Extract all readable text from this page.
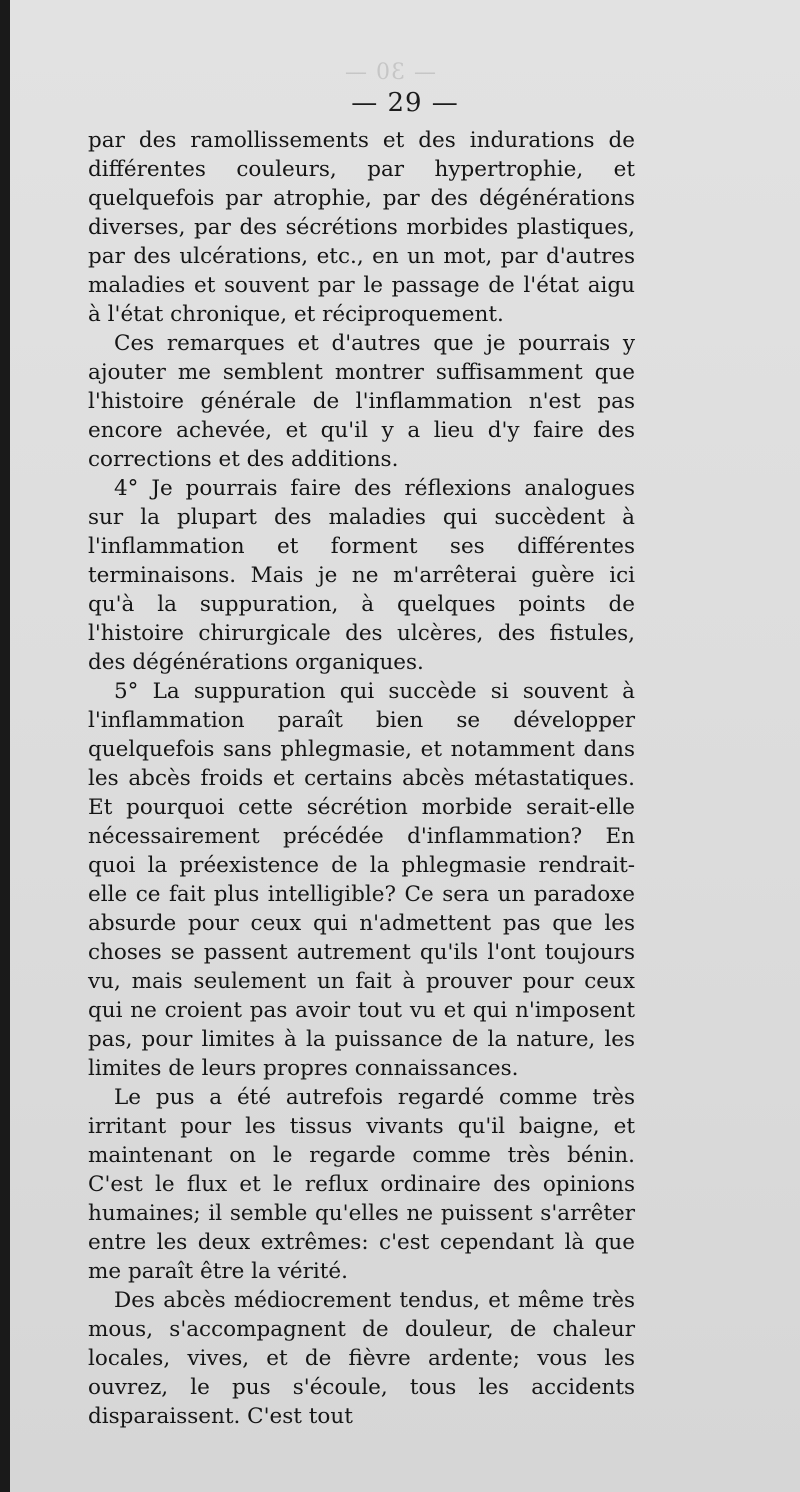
— 30 —
— 29 —

par des ramollissements et des indurations de différentes couleurs, par hypertrophie, et quelquefois par atrophie, par des dégénérations diverses, par des sécrétions morbides plastiques, par des ulcérations, etc., en un mot, par d'autres maladies et souvent par le passage de l'état aigu à l'état chronique, et réciproquement.

Ces remarques et d'autres que je pourrais y ajouter me semblent montrer suffisamment que l'histoire générale de l'inflammation n'est pas encore achevée, et qu'il y a lieu d'y faire des corrections et des additions.

4° Je pourrais faire des réflexions analogues sur la plupart des maladies qui succèdent à l'inflammation et forment ses différentes terminaisons. Mais je ne m'arrêterai guère ici qu'à la suppuration, à quelques points de l'histoire chirurgicale des ulcères, des fistules, des dégénérations organiques.

5° La suppuration qui succède si souvent à l'inflammation paraît bien se développer quelquefois sans phlegmasie, et notamment dans les abcès froids et certains abcès métastatiques. Et pourquoi cette sécrétion morbide serait-elle nécessairement précédée d'inflammation? En quoi la préexistence de la phlegmasie rendrait-elle ce fait plus intelligible? Ce sera un paradoxe absurde pour ceux qui n'admettent pas que les choses se passent autrement qu'ils l'ont toujours vu, mais seulement un fait à prouver pour ceux qui ne croient pas avoir tout vu et qui n'imposent pas, pour limites à la puissance de la nature, les limites de leurs propres connaissances.

Le pus a été autrefois regardé comme très irritant pour les tissus vivants qu'il baigne, et maintenant on le regarde comme très bénin. C'est le flux et le reflux ordinaire des opinions humaines; il semble qu'elles ne puissent s'arrêter entre les deux extrêmes: c'est cependant là que me paraît être la vérité.

Des abcès médiocrement tendus, et même très mous, s'accompagnent de douleur, de chaleur locales, vives, et de fièvre ardente; vous les ouvrez, le pus s'écoule, tous les accidents disparaissent. C'est tout
